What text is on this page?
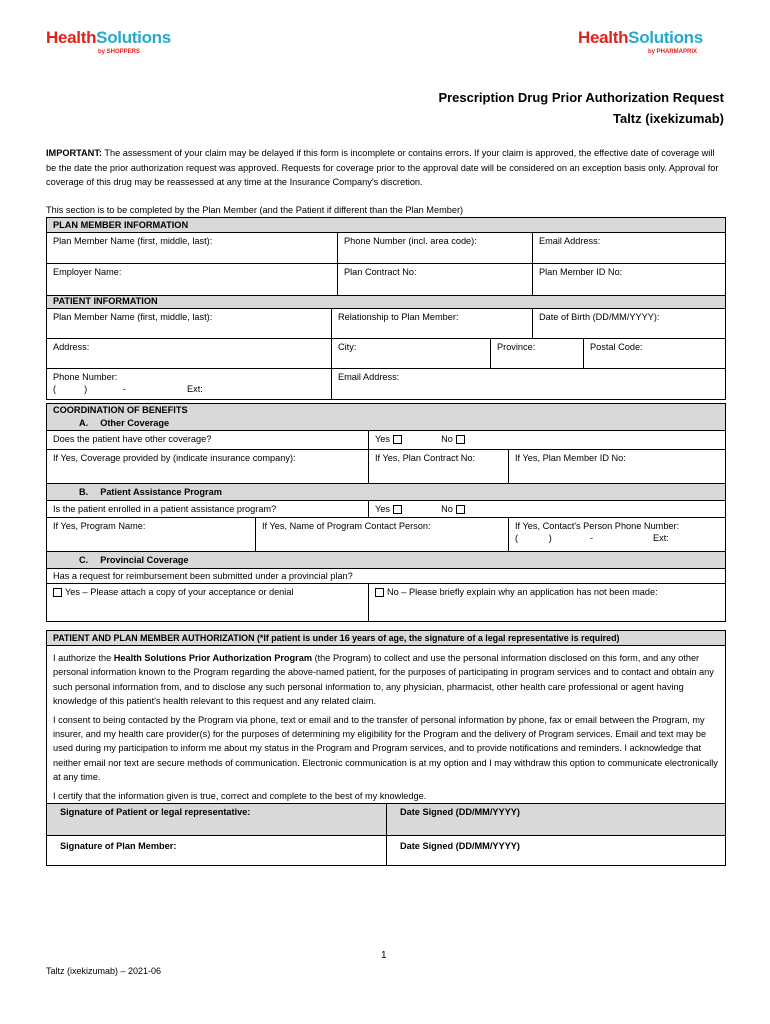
HealthSolutions
by SHOPPERS
HealthSolutions
by PHARMAPRIX
Prescription Drug Prior Authorization Request
Taltz (ixekizumab)
IMPORTANT: The assessment of your claim may be delayed if this form is incomplete or contains errors. If your claim is approved, the effective date of coverage will be the date the prior authorization request was approved. Requests for coverage prior to the approval date will be considered on an exception basis only. Approval for coverage of this drug may be reassessed at any time at the Insurance Company's discretion.
This section is to be completed by the Plan Member (and the Patient if different than the Plan Member)
PLAN MEMBER INFORMATION					
Plan Member Name (first, middle, last):		Phone Number (incl. area code):		Email Address:	
Employer Name:		Plan Contract No:		Plan Member ID No:	
PATIENT INFORMATION					
Plan Member Name (first, middle, last):	Relationship to Plan Member:			Date of Birth (DD/MM/YYYY):	
Address:	City:		Province:		Postal Code:

Phone Number:
(           )              - Ext:	Email Address:				
COORDINATION OF BENEFITS
A. Other Coverage			

Does the patient have other coverage?		Yes No	
If Yes, Coverage provided by (indicate insurance company):		If Yes, Plan Contract No:	If Yes, Plan Member ID No:
B. Patient Assistance Program			
Is the patient enrolled in a patient assistance program?		Yes No	
If Yes, Program Name:	If Yes, Name of Program Contact Person:		If Yes, Contact's Person Phone Number:
(            )               - Ext:

C. Provincial Coverage			
Has a request for reimbursement been submitted under a provincial plan?			
Yes – Please attach a copy of your acceptance or denial		No – Please briefly explain why an application has not been made:	
PATIENT AND PLAN MEMBER AUTHORIZATION (*If patient is under 16 years of age, the signature of a legal representative is required)	

I authorize the Health Solutions Prior Authorization Program (the Program) to collect and use the personal information disclosed on this form, and any other personal information known to the Program regarding the above-named patient, for the purposes of participating in program services and to contact and obtain any such personal information from, and to disclose any such personal information to, any physician, pharmacist, other health care professional or agent having knowledge of this patient's health relevant to this request and any related claim.
I consent to being contacted by the Program via phone, text or email and to the transfer of personal information by phone, fax or email between the Program, my insurer, and my health care provider(s) for the purposes of determining my eligibility for the Program and the delivery of Program services. Email and text may be used during my participation to inform me about my status in the Program and Program services, and to provide notifications and reminders. I acknowledge that neither email nor text are secure methods of communication. Electronic communication is at my option and I may withdraw this option to communicate electronically at any time.
I certify that the information given is true, correct and complete to the best of my knowledge.	

Signature of Patient or legal representative:	Date Signed (DD/MM/YYYY)
Signature of Plan Member:	Date Signed (DD/MM/YYYY)
1
Taltz (ixekizumab) – 2021-06
